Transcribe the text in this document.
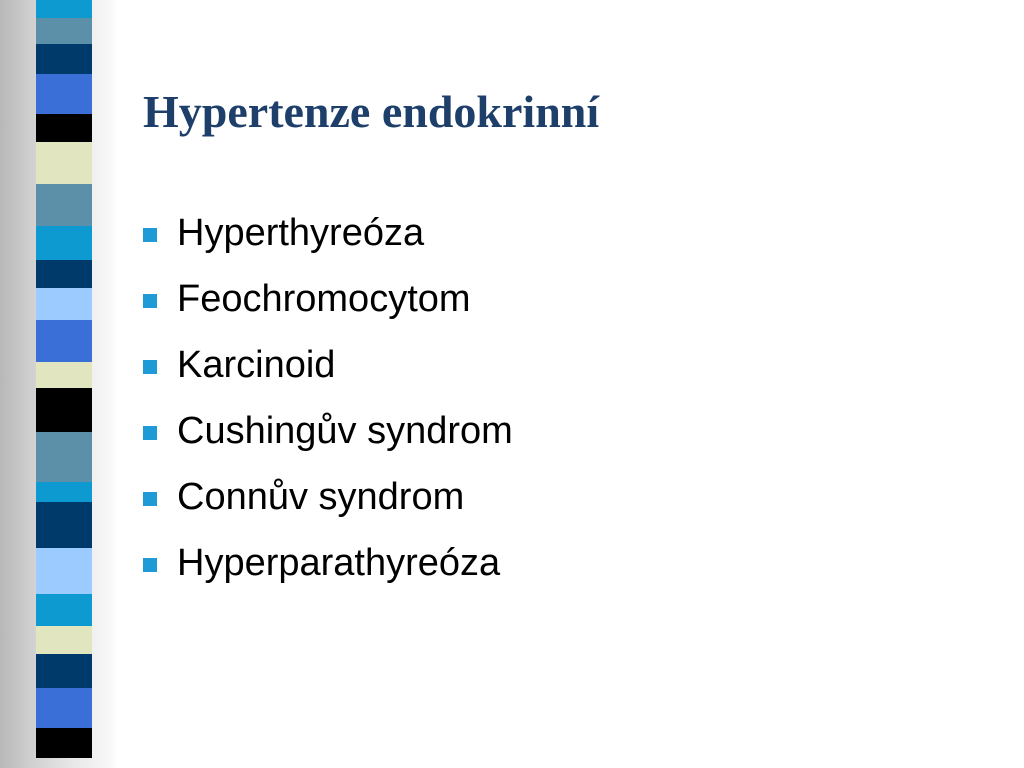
Hypertenze endokrinní
Hyperthyreóza
Feochromocytom
Karcinoid
Cushingův syndrom
Connův syndrom
Hyperparathyreóza
